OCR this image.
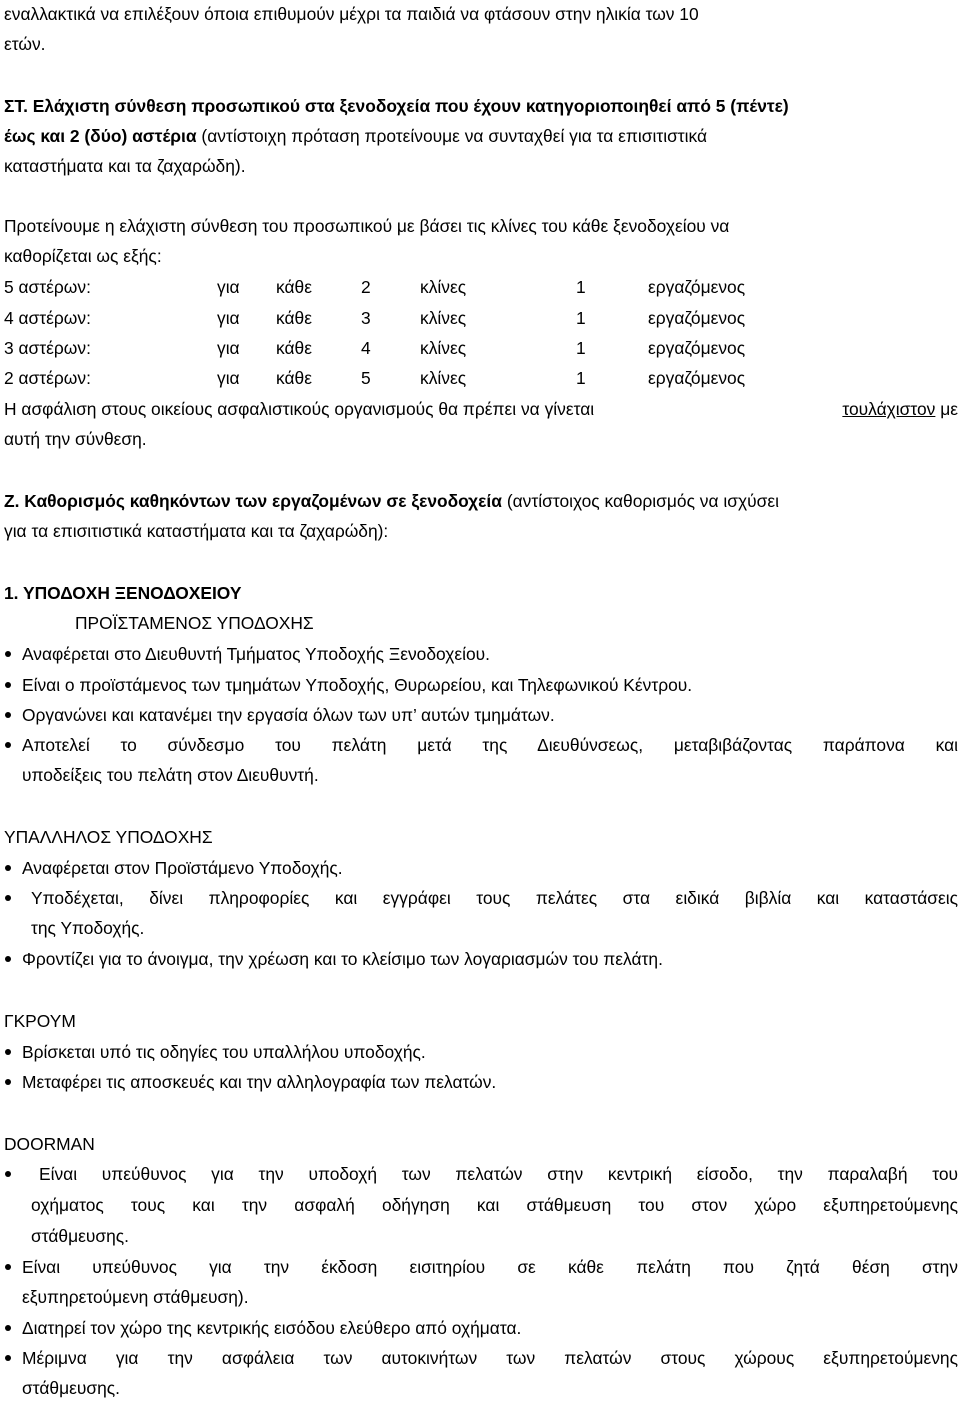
εναλλακτικά να επιλέξουν όποια επιθυμούν μέχρι τα παιδιά να φτάσουν στην ηλικία των 10
ετών.
ΣΤ. Ελάχιστη σύνθεση προσωπικού στα ξενοδοχεία που έχουν κατηγοριοποιηθεί από 5 (πέντε)
έως και 2 (δύο) αστέρια (αντίστοιχη πρόταση προτείνουμε να συνταχθεί για τα επισιτιστικά
καταστήματα και τα ζαχαρώδη).
Προτείνουμε η ελάχιστη σύνθεση του προσωπικού με βάσει τις κλίνες του κάθε ξενοδοχείου να
καθορίζεται ως εξής:
5 αστέρων:	για κάθε	2	κλίνες	1	εργαζόμενος
4 αστέρων:	για κάθε	3	κλίνες	1	εργαζόμενος
3 αστέρων:	για κάθε	4	κλίνες	1	εργαζόμενος
2 αστέρων:	για κάθε	5	κλίνες	1	εργαζόμενος
Η ασφάλιση στους οικείους ασφαλιστικούς οργανισμούς θα πρέπει να γίνεται	τουλάχιστον με
αυτή την σύνθεση.
Ζ. Καθορισμός καθηκόντων των εργαζομένων σε ξενοδοχεία (αντίστοιχος καθορισμός να ισχύσει
για τα επισιτιστικά καταστήματα και τα ζαχαρώδη):
1. ΥΠΟΔΟΧΗ ΞΕΝΟΔΟΧΕΙΟΥ
ΠΡΟΪΣΤΑΜΕΝΟΣ ΥΠΟΔΟΧΗΣ
Αναφέρεται στο Διευθυντή Τμήματος Υποδοχής Ξενοδοχείου.
Είναι ο προϊστάμενος των τμημάτων Υποδοχής, Θυρωρείου, και Τηλεφωνικού Κέντρου.
Οργανώνει και κατανέμει την εργασία όλων των υπ’ αυτών τμημάτων.
Αποτελεί το σύνδεσμο του πελάτη μετά της Διευθύνσεως, μεταβιβάζοντας παράπονα και
υποδείξεις του πελάτη στον Διευθυντή.
ΥΠΑΛΛΗΛΟΣ ΥΠΟΔΟΧΗΣ
Αναφέρεται στον Προϊστάμενο Υποδοχής.
Υποδέχεται, δίνει πληροφορίες και εγγράφει τους πελάτες στα ειδικά βιβλία και καταστάσεις
της Υποδοχής.
Φροντίζει για το άνοιγμα, την χρέωση και το κλείσιμο των λογαριασμών του πελάτη.
ΓΚΡΟΥΜ
Βρίσκεται υπό τις οδηγίες του υπαλλήλου υποδοχής.
Μεταφέρει τις αποσκευές και την αλληλογραφία των πελατών.
DOORMAN
Είναι υπεύθυνος για την υποδοχή των πελατών στην κεντρική είσοδο, την παραλαβή του
οχήματος τους και την ασφαλή οδήγηση και στάθμευση του στον χώρο εξυπηρετούμενης
στάθμευσης.
Είναι υπεύθυνος για την έκδοση εισιτηρίου σε κάθε πελάτη που ζητά θέση στην
εξυπηρετούμενη στάθμευση).
Διατηρεί τον χώρο της κεντρικής εισόδου ελεύθερο από οχήματα.
Μέριμνα για την ασφάλεια των αυτοκινήτων των πελατών στους χώρους εξυπηρετούμενης
στάθμευσης.
